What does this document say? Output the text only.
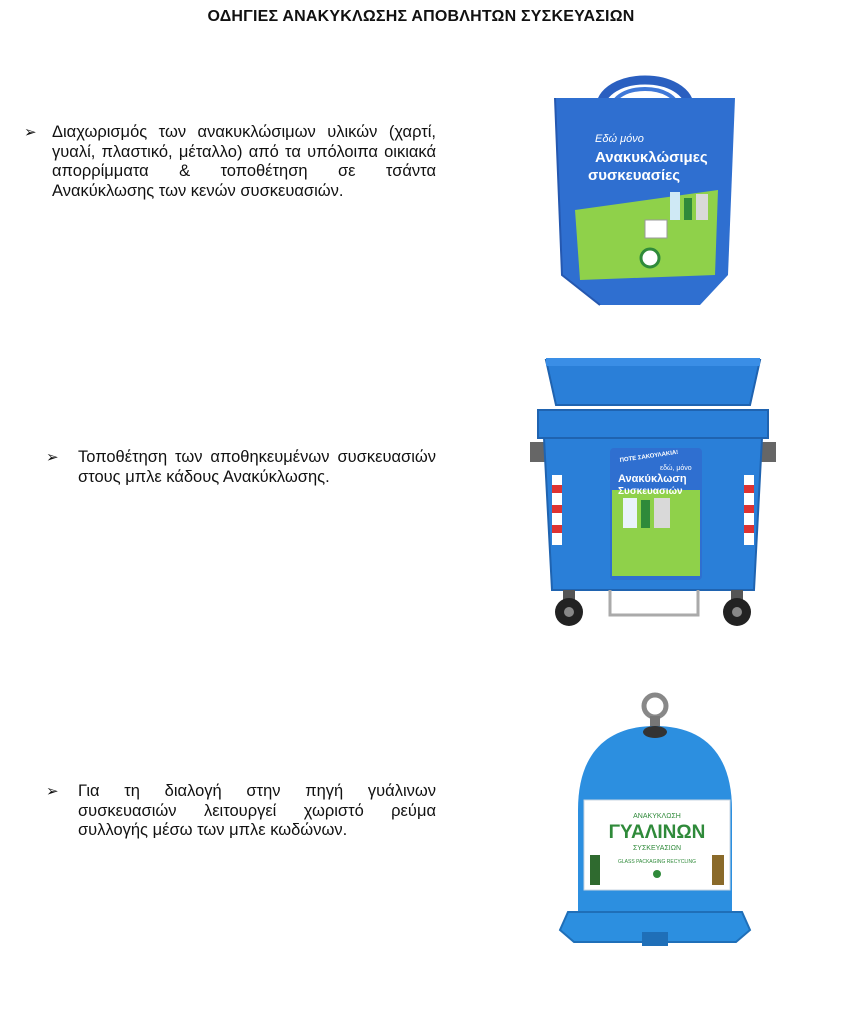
ΟΔΗΓΙΕΣ ΑΝΑΚΥΚΛΩΣΗΣ ΑΠΟΒΛΗΤΩΝ ΣΥΣΚΕΥΑΣΙΩΝ
➢ Διαχωρισμός των ανακυκλώσιμων υλικών (χαρτί, γυαλί, πλαστικό, μέταλλο) από τα υπόλοιπα οικιακά απορρίμματα & τοποθέτηση σε τσάντα Ανακύκλωσης των κενών συσκευασιών.

➢ Τοποθέτηση των αποθηκευμένων συσκευασιών στους μπλε κάδους Ανακύκλωσης.

➢ Για τη διαλογή στην πηγή γυάλινων συσκευασιών λειτουργεί χωριστό ρεύμα συλλογής μέσω των μπλε κωδώνων.

Εδώ μόνο
Ανακυκλώσιμες
συσκευασίες
ΠΟΤΕ ΣΑΚΟΥΛΑΚΙΑ!
εδώ, μόνο
Ανακύκλωση
Συσκευασιών
ΑΝΑΚΥΚΛΩΣΗ
ΓΥΑΛΙΝΩΝ
ΣΥΣΚΕΥΑΣΙΩΝ
GLASS PACKAGING RECYCLING
